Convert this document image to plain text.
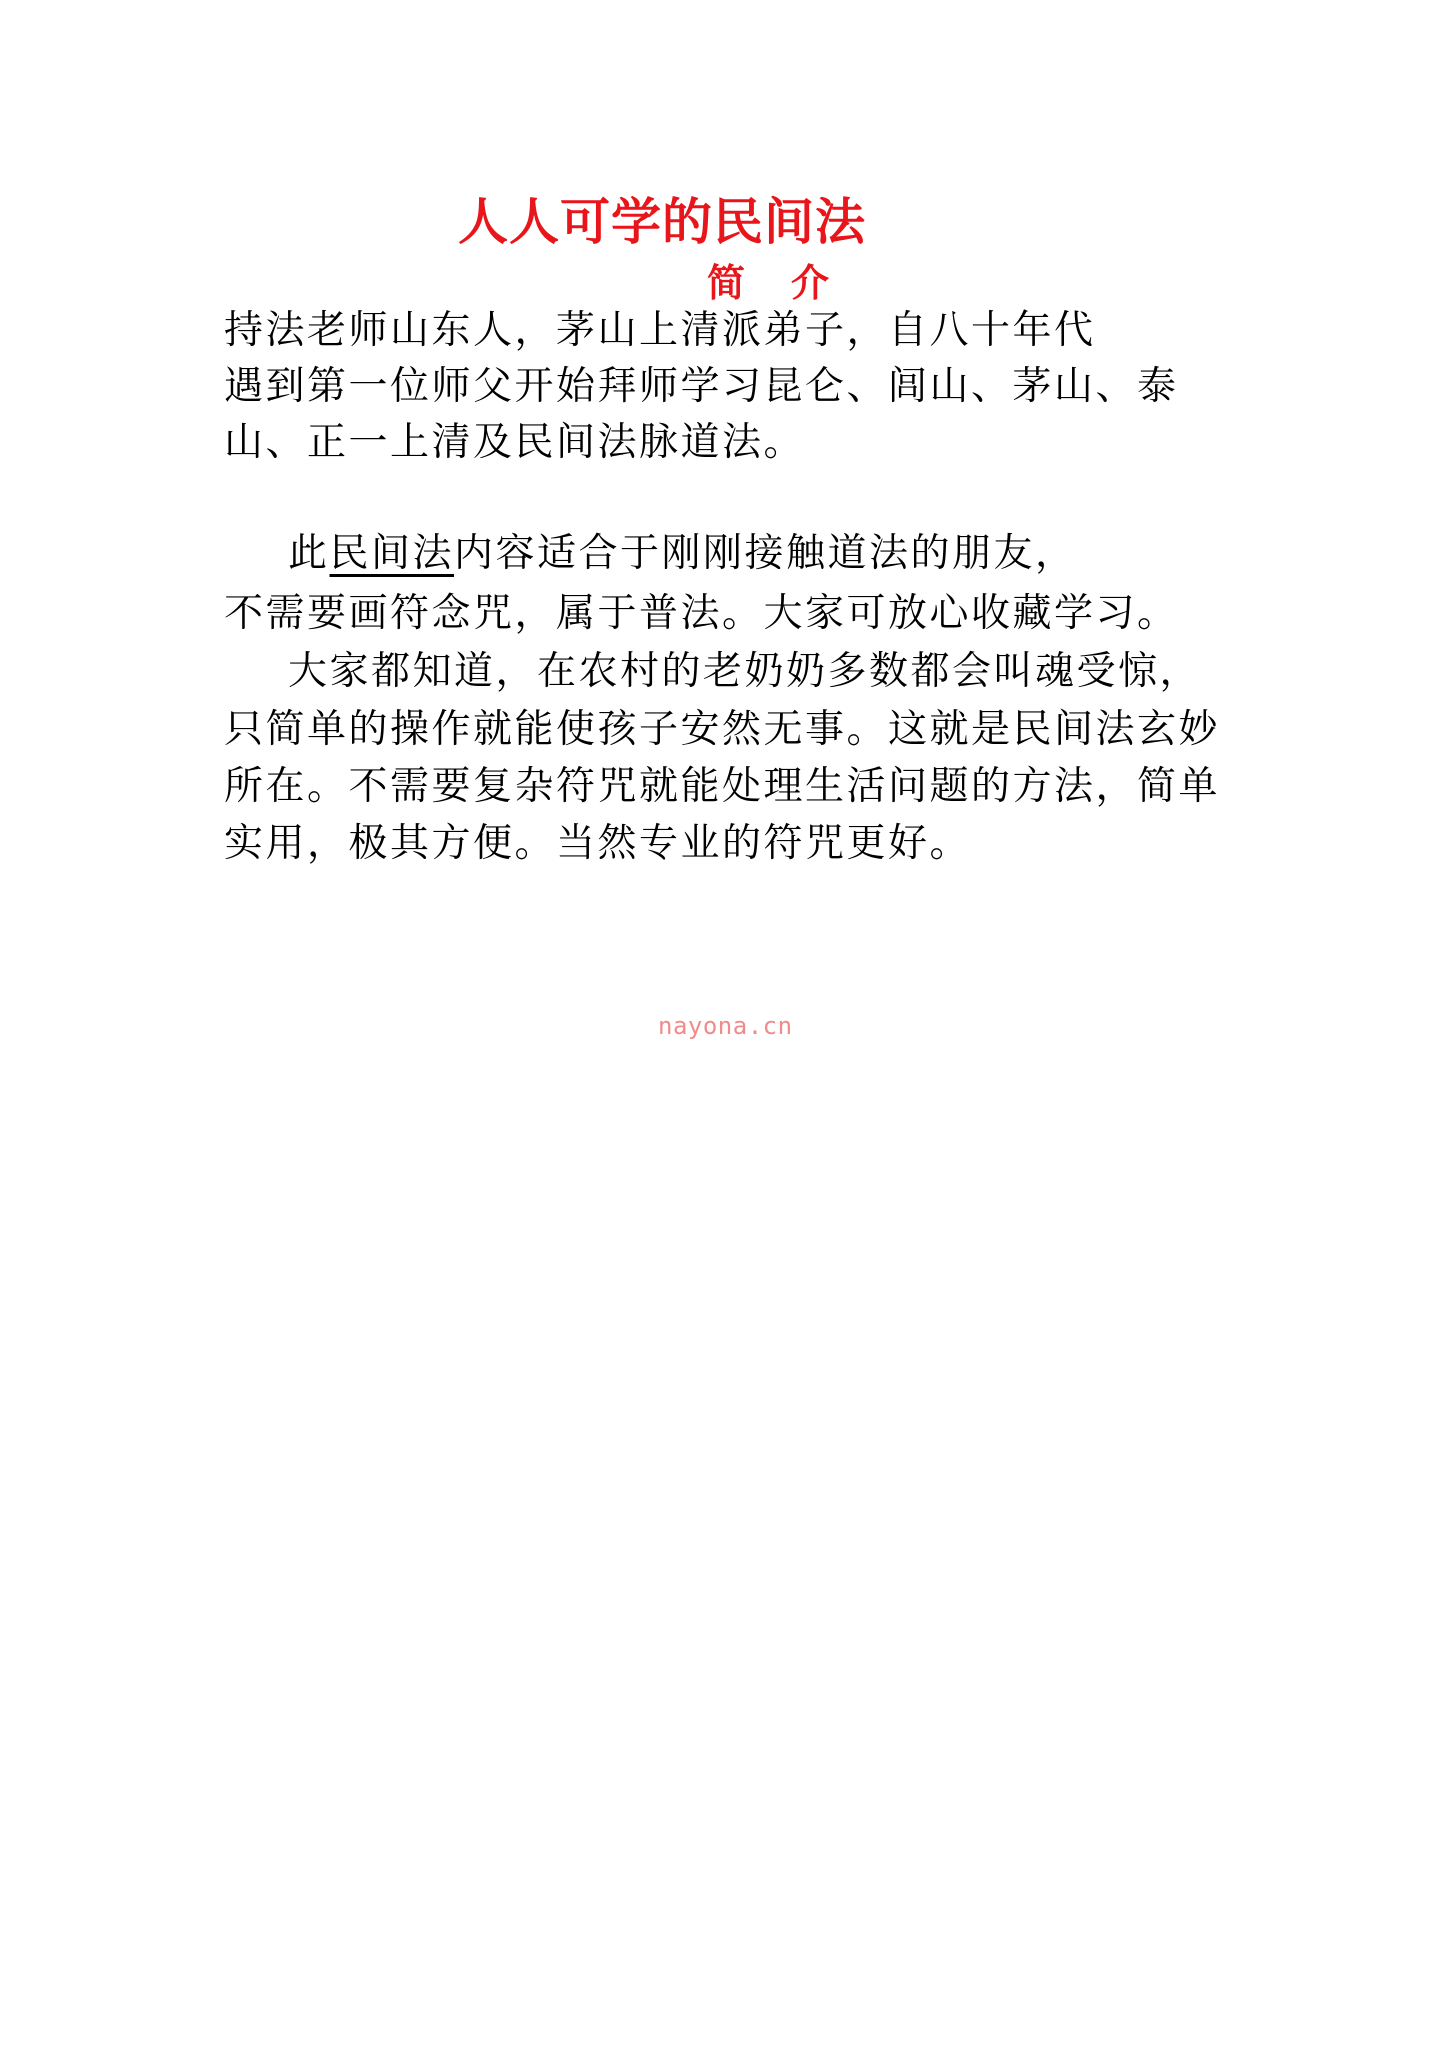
人人可学的民间法
简 介
持法老师山东人，茅山上清派弟子，自八十年代
遇到第一位师父开始拜师学习昆仑、闾山、茅山、泰
山、正一上清及民间法脉道法。
此民间法内容适合于刚刚接触道法的朋友，
不需要画符念咒，属于普法。大家可放心收藏学习。
大家都知道，在农村的老奶奶多数都会叫魂受惊，
只简单的操作就能使孩子安然无事。这就是民间法玄妙
所在。不需要复杂符咒就能处理生活问题的方法，简单
实用，极其方便。当然专业的符咒更好。
nayona.cn
